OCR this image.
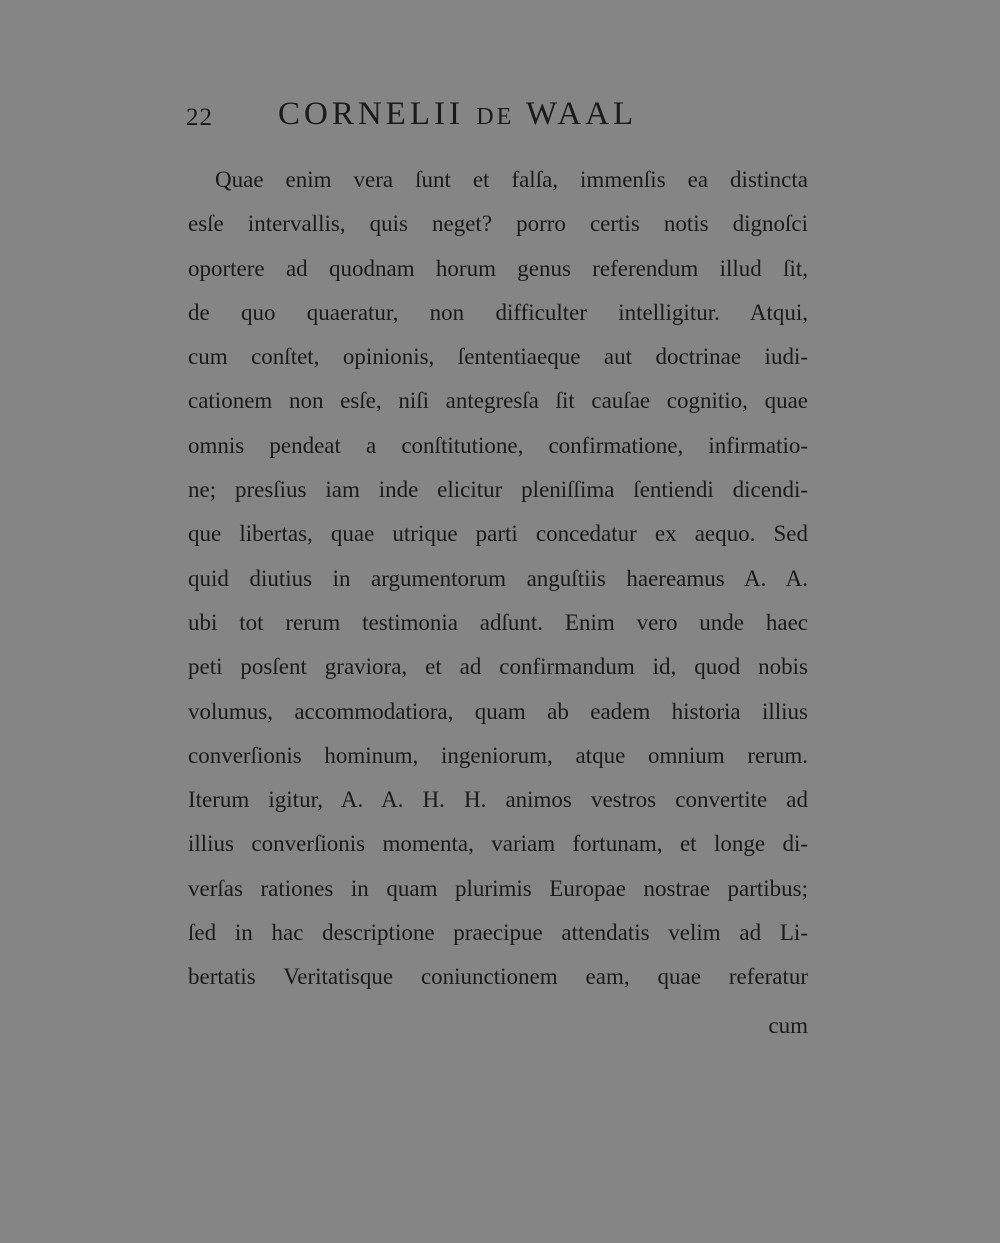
22 CORNELII DE WAAL
Quae enim vera ſunt et falſa, immenſis ea distincta
esſe intervallis, quis neget? porro certis notis dignoſci
oportere ad quodnam horum genus referendum illud ſit,
de quo quaeratur, non difficulter intelligitur. Atqui,
cum conſtet, opinionis, ſententiaeque aut doctrinae iudi-
cationem non esſe, niſi antegresſa ſit cauſae cognitio, quae
omnis pendeat a conſtitutione, confirmatione, infirmatio-
ne; presſius iam inde elicitur pleniſſima ſentiendi dicendi-
que libertas, quae utrique parti concedatur ex aequo. Sed
quid diutius in argumentorum anguſtiis haereamus A. A.
ubi tot rerum testimonia adſunt. Enim vero unde haec
peti posſent graviora, et ad confirmandum id, quod nobis
volumus, accommodatiora, quam ab eadem historia illius
converſionis hominum, ingeniorum, atque omnium rerum.
Iterum igitur, A. A. H. H. animos vestros convertite ad
illius converſionis momenta, variam fortunam, et longe di-
verſas rationes in quam plurimis Europae nostrae partibus;
ſed in hac descriptione praecipue attendatis velim ad Li-
bertatis Veritatisque coniunctionem eam, quae referatur
cum
